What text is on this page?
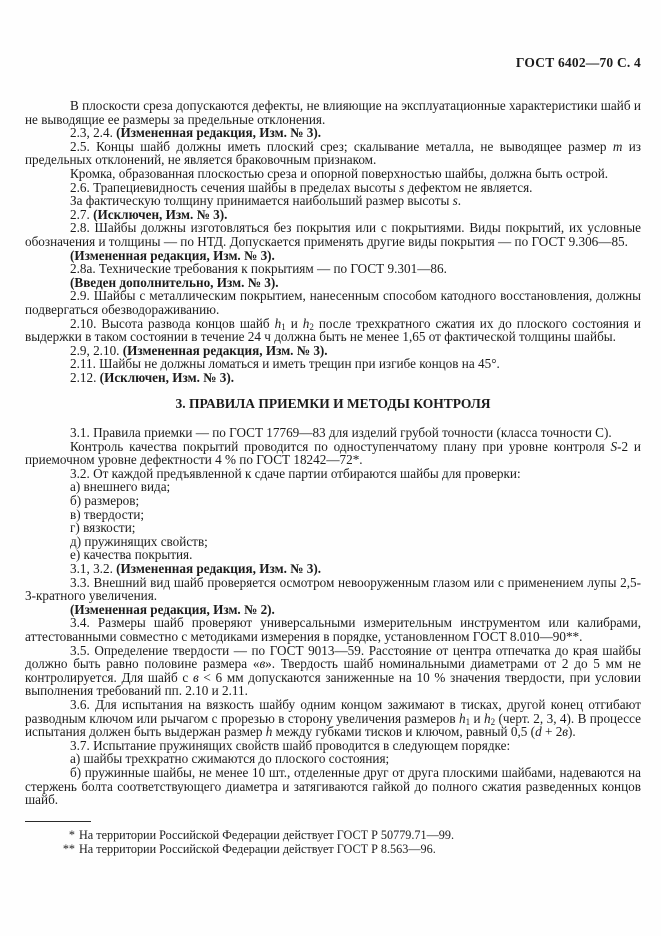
ГОСТ 6402—70 С. 4
В плоскости среза допускаются дефекты, не влияющие на эксплуатационные характеристики шайб и не выводящие ее размеры за предельные отклонения.
2.3, 2.4. (Измененная редакция, Изм. № 3).
2.5. Концы шайб должны иметь плоский срез; скалывание металла, не выводящее размер m из предельных отклонений, не является браковочным признаком.
Кромка, образованная плоскостью среза и опорной поверхностью шайбы, должна быть острой.
2.6. Трапециевидность сечения шайбы в пределах высоты s дефектом не является.
За фактическую толщину принимается наибольший размер высоты s.
2.7. (Исключен, Изм. № 3).
2.8. Шайбы должны изготовляться без покрытия или с покрытиями. Виды покрытий, их условные обозначения и толщины — по НТД. Допускается применять другие виды покрытия — по ГОСТ 9.306—85.
(Измененная редакция, Изм. № 3).
2.8а. Технические требования к покрытиям — по ГОСТ 9.301—86.
(Введен дополнительно, Изм. № 3).
2.9. Шайбы с металлическим покрытием, нанесенным способом катодного восстановления, должны подвергаться обезводораживанию.
2.10. Высота развода концов шайб $h_1$ и $h_2$ после трехкратного сжатия их до плоского состояния и выдержки в таком состоянии в течение 24 ч должна быть не менее 1,65 от фактической толщины шайбы.
2.9, 2.10. (Измененная редакция, Изм. № 3).
2.11. Шайбы не должны ломаться и иметь трещин при изгибе концов на 45°.
2.12. (Исключен, Изм. № 3).
3. ПРАВИЛА ПРИЕМКИ И МЕТОДЫ КОНТРОЛЯ
3.1. Правила приемки — по ГОСТ 17769—83 для изделий грубой точности (класса точности С).
Контроль качества покрытий проводится по одноступенчатому плану при уровне контроля S-2 и приемочном уровне дефектности 4 % по ГОСТ 18242—72*.
3.2. От каждой предъявленной к сдаче партии отбираются шайбы для проверки:
а) внешнего вида;
б) размеров;
в) твердости;
г) вязкости;
д) пружинящих свойств;
е) качества покрытия.
3.1, 3.2. (Измененная редакция, Изм. № 3).
3.3. Внешний вид шайб проверяется осмотром невооруженным глазом или с применением лупы 2,5-3-кратного увеличения.
(Измененная редакция, Изм. № 2).
3.4. Размеры шайб проверяют универсальными измерительным инструментом или калибрами, аттестованными совместно с методиками измерения в порядке, установленном ГОСТ 8.010—90**.
3.5. Определение твердости — по ГОСТ 9013—59. Расстояние от центра отпечатка до края шайбы должно быть равно половине размера «в». Твердость шайб номинальными диаметрами от 2 до 5 мм не контролируется. Для шайб с в < 6 мм допускаются заниженные на 10 % значения твердости, при условии выполнения требований пп. 2.10 и 2.11.
3.6. Для испытания на вязкость шайбу одним концом зажимают в тисках, другой конец отгибают разводным ключом или рычагом с прорезью в сторону увеличения размеров $h_1$ и $h_2$ (черт. 2, 3, 4). В процессе испытания должен быть выдержан размер h между губками тисков и ключом, равный 0,5 (d + 2в).
3.7. Испытание пружинящих свойств шайб проводится в следующем порядке:
а) шайбы трехкратно сжимаются до плоского состояния;
б) пружинные шайбы, не менее 10 шт., отделенные друг от друга плоскими шайбами, надеваются на стержень болта соответствующего диаметра и затягиваются гайкой до полного сжатия разведенных концов шайб.
* На территории Российской Федерации действует ГОСТ Р 50779.71—99.
** На территории Российской Федерации действует ГОСТ Р 8.563—96.
